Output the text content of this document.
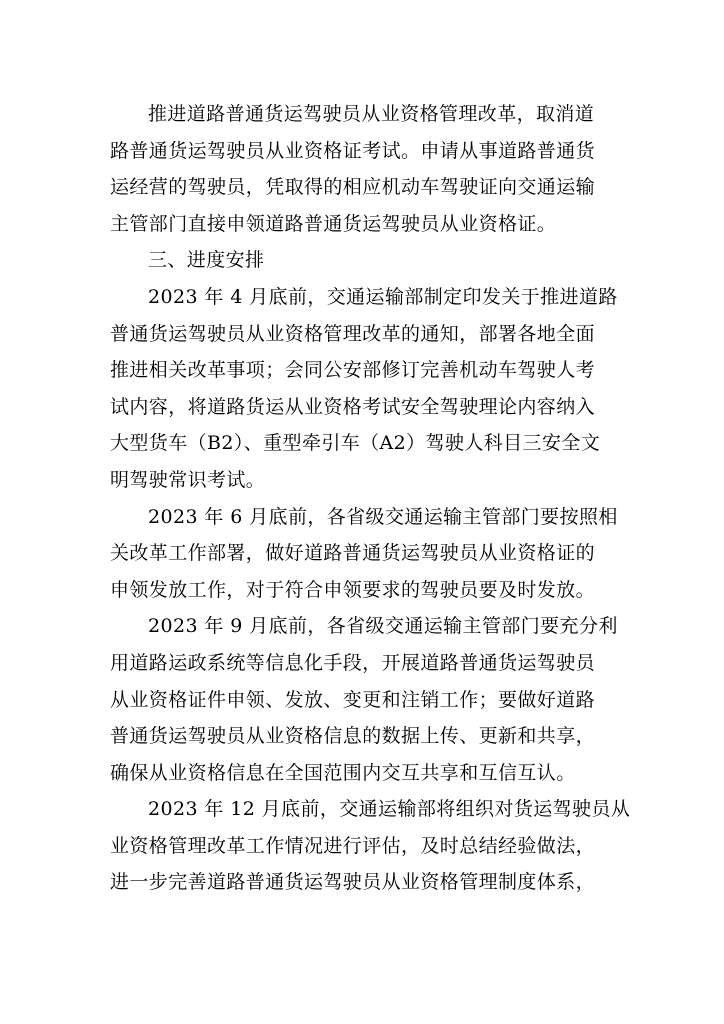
推进道路普通货运驾驶员从业资格管理改革，取消道
路普通货运驾驶员从业资格证考试。申请从事道路普通货
运经营的驾驶员，凭取得的相应机动车驾驶证向交通运输
主管部门直接申领道路普通货运驾驶员从业资格证。
三、进度安排
2023 年 4 月底前，交通运输部制定印发关于推进道路
普通货运驾驶员从业资格管理改革的通知，部署各地全面
推进相关改革事项；会同公安部修订完善机动车驾驶人考
试内容，将道路货运从业资格考试安全驾驶理论内容纳入
大型货车（B2）、重型牵引车（A2）驾驶人科目三安全文
明驾驶常识考试。
2023 年 6 月底前，各省级交通运输主管部门要按照相
关改革工作部署，做好道路普通货运驾驶员从业资格证的
申领发放工作，对于符合申领要求的驾驶员要及时发放。
2023 年 9 月底前，各省级交通运输主管部门要充分利
用道路运政系统等信息化手段，开展道路普通货运驾驶员
从业资格证件申领、发放、变更和注销工作；要做好道路
普通货运驾驶员从业资格信息的数据上传、更新和共享，
确保从业资格信息在全国范围内交互共享和互信互认。
2023 年 12 月底前，交通运输部将组织对货运驾驶员从
业资格管理改革工作情况进行评估，及时总结经验做法，
进一步完善道路普通货运驾驶员从业资格管理制度体系，
